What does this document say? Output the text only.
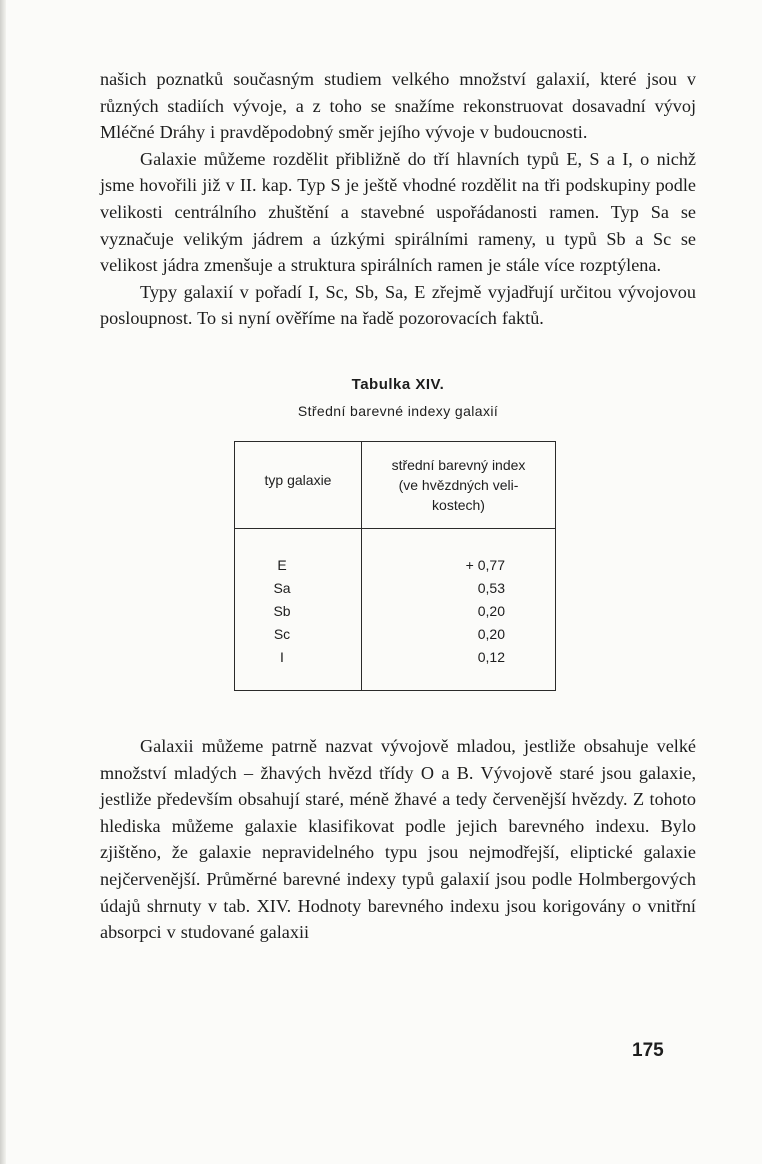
našich poznatků současným studiem velkého množství galaxií, které jsou v různých stadiích vývoje, a z toho se snažíme rekonstruovat dosavadní vývoj Mléčné Dráhy i pravděpodobný směr jejího vývoje v budoucnosti.

Galaxie můžeme rozdělit přibližně do tří hlavních typů E, S a I, o nichž jsme hovořili již v II. kap. Typ S je ještě vhodné rozdělit na tři podskupiny podle velikosti centrálního zhuštění a stavebné uspořádanosti ramen. Typ Sa se vyznačuje velikým jádrem a úzkými spirálními rameny, u typů Sb a Sc se velikost jádra zmenšuje a struktura spirálních ramen je stále více rozptýlena.

Typy galaxií v pořadí I, Sc, Sb, Sa, E zřejmě vyjadřují určitou vývojovou posloupnost. To si nyní ověříme na řadě pozorovacích faktů.

Tabulka XIV.
Střední barevné indexy galaxií
typ galaxie
střední barevný index
(ve hvězdných veli-
kostech)
E
Sa
Sb
Sc
I
+ 0,77
0,53
0,20
0,20
0,12

Galaxii můžeme patrně nazvat vývojově mladou, jestliže obsahuje velké množství mladých – žhavých hvězd třídy O a B. Vývojově staré jsou galaxie, jestliže především obsahují staré, méně žhavé a tedy červenější hvězdy. Z tohoto hlediska můžeme galaxie klasifikovat podle jejich barevného indexu. Bylo zjištěno, že galaxie nepravidelného typu jsou nejmodřejší, eliptické galaxie nejčervenější. Průměrné barevné indexy typů galaxií jsou podle Holmbergových údajů shrnuty v tab. XIV. Hodnoty barevného indexu jsou korigovány o vnitřní absorpci v studované galaxii

175
